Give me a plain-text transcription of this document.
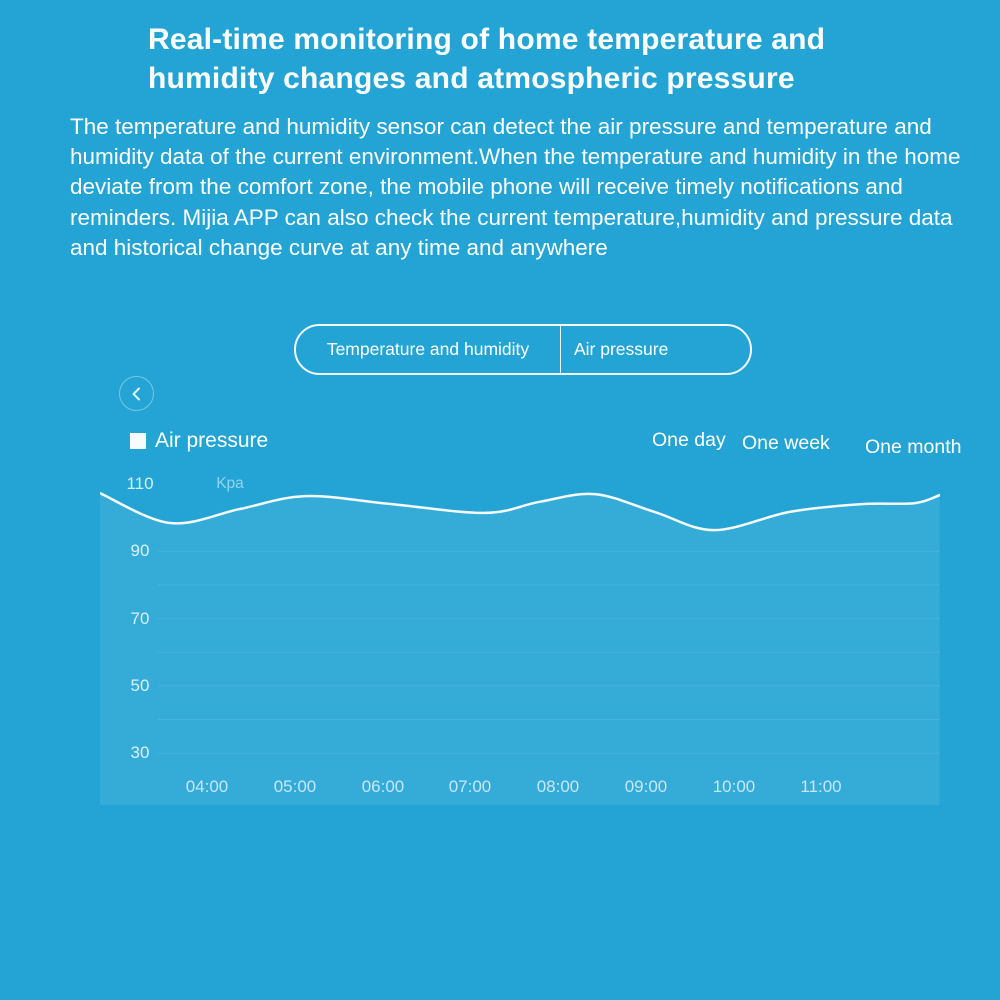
Real-time monitoring of home temperature and
humidity changes and atmospheric pressure
The temperature and humidity sensor can detect the air pressure and temperature and humidity data of the current environment.When the temperature and humidity in the home deviate from the comfort zone, the mobile phone will receive timely notifications and reminders. Mijia APP can also check the current temperature,humidity and pressure data and historical change curve at any time and anywhere
Temperature and humidity	Air pressure
Air pressure	One day One week One month
110
90
70
50
30
Kpa
04:00	05:00	06:00	07:00	08:00	09:00	10:00	11:00
